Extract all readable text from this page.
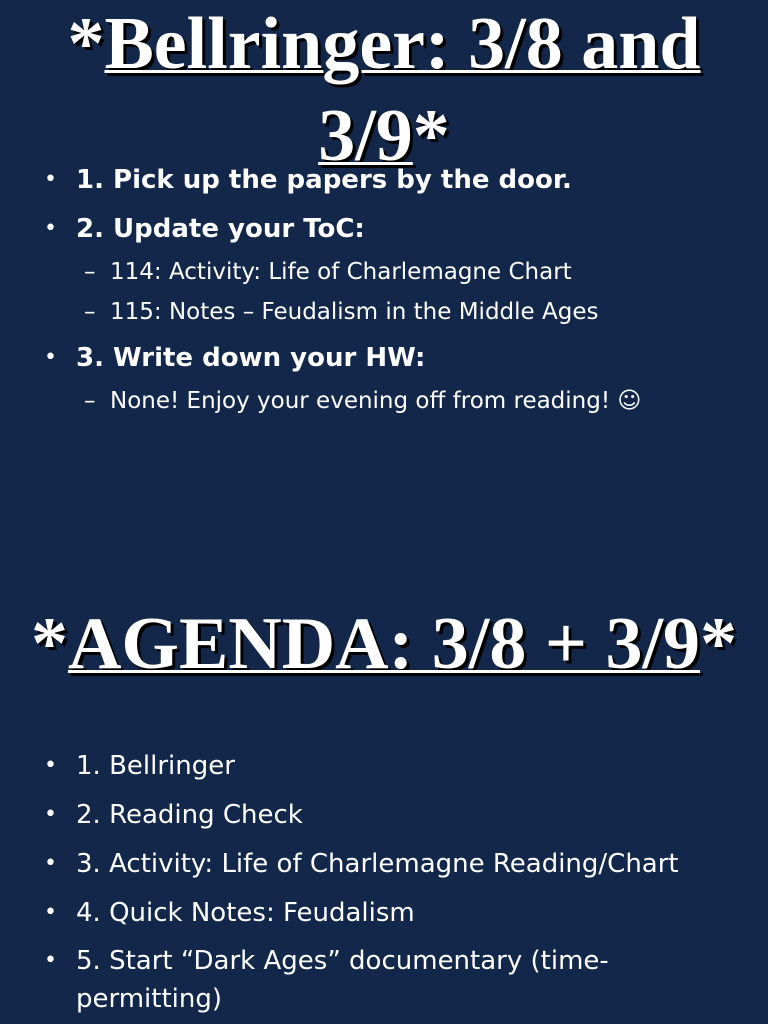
*Bellringer: 3/8 and 3/9*
• 1. Pick up the papers by the door.
• 2. Update your ToC:
– 114: Activity: Life of Charlemagne Chart
– 115: Notes – Feudalism in the Middle Ages
• 3. Write down your HW:
– None! Enjoy your evening off from reading! ☺
*AGENDA: 3/8 + 3/9*
• 1. Bellringer
• 2. Reading Check
• 3. Activity: Life of Charlemagne Reading/Chart
• 4. Quick Notes: Feudalism
• 5. Start “Dark Ages” documentary (time-permitting)
